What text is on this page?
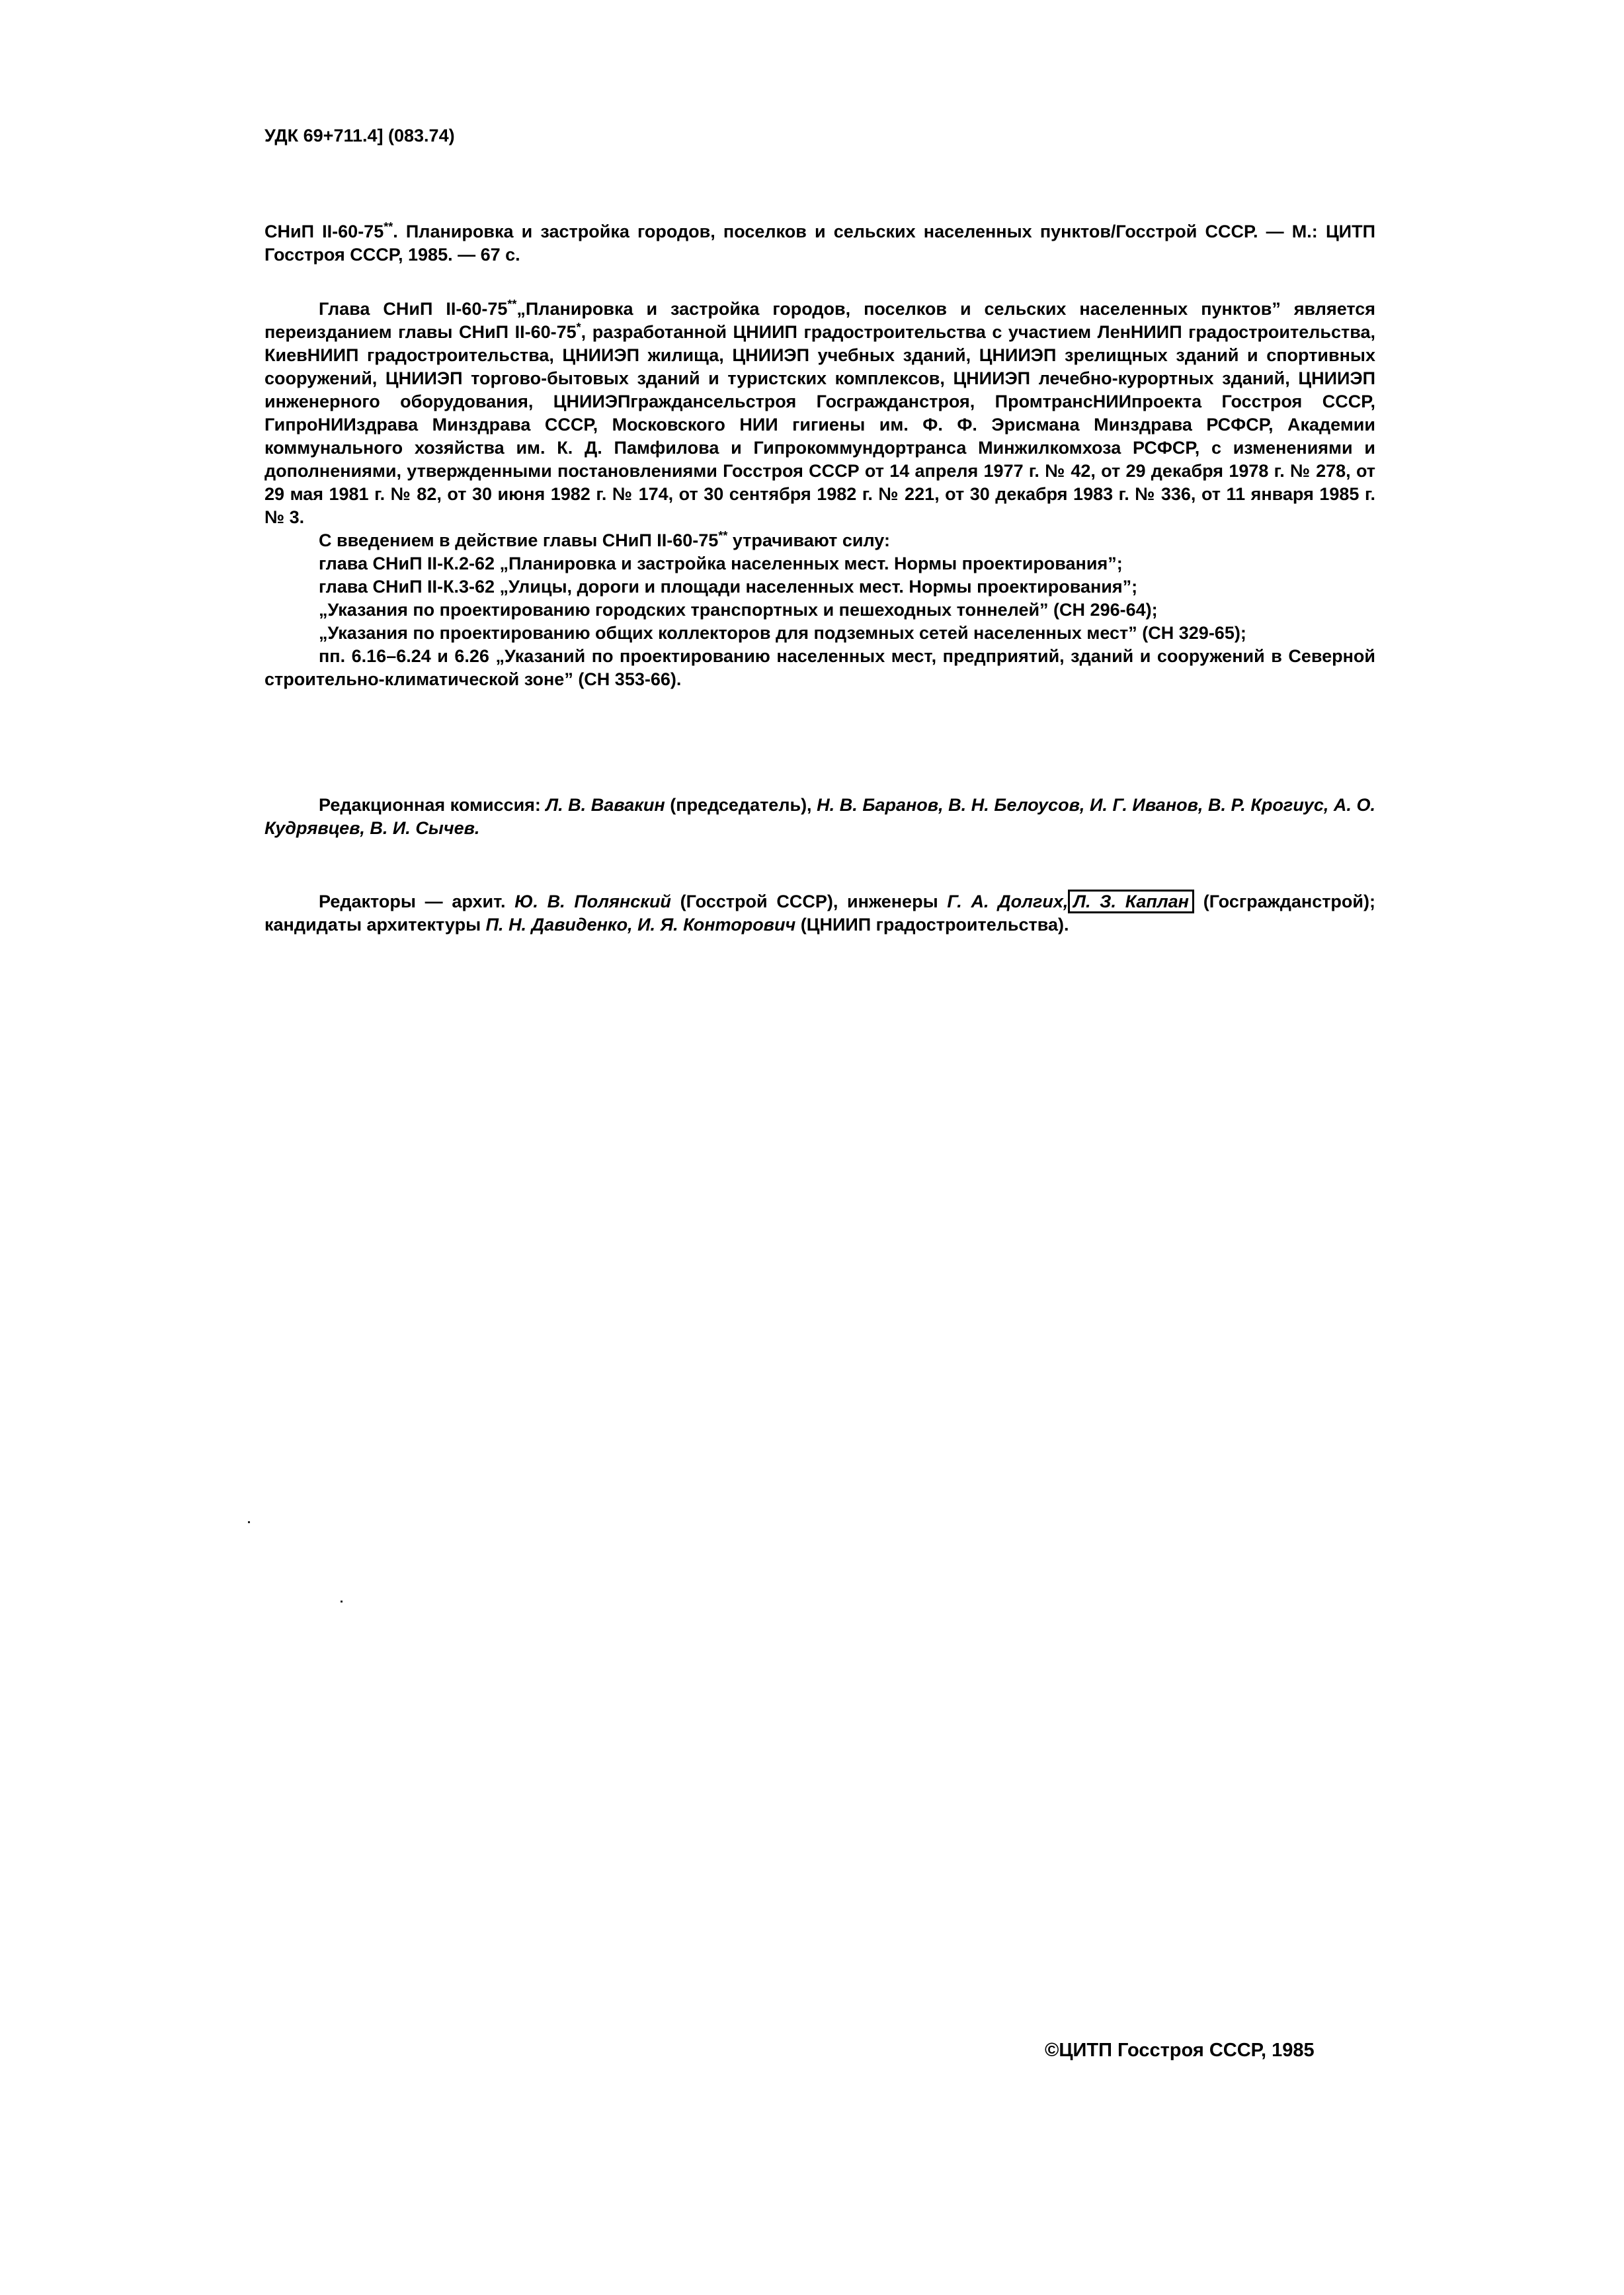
УДК 69+711.4] (083.74)
СНиП II-60-75**. Планировка и застройка городов, поселков и сельских населенных пунктов/Госстрой СССР. — М.: ЦИТП Госстроя СССР, 1985. — 67 с.

Глава СНиП II-60-75**„Планировка и застройка городов, поселков и сельских населенных пунктов” является переизданием главы СНиП II-60-75*, разработанной ЦНИИП градостроительства с участием ЛенНИИП градостроительства, КиевНИИП градостроительства, ЦНИИЭП жилища, ЦНИИЭП учебных зданий, ЦНИИЭП зрелищных зданий и спортивных сооружений, ЦНИИЭП торгово-бытовых зданий и туристских комплексов, ЦНИИЭП лечебно-курортных зданий, ЦНИИЭП инженерного оборудования, ЦНИИЭПграждансельстроя Госгражданстроя, ПромтрансНИИпроекта Госстроя СССР, ГипроНИИздрава Минздрава СССР, Московского НИИ гигиены им. Ф. Ф. Эрисмана Минздрава РСФСР, Академии коммунального хозяйства им. К. Д. Памфилова и Гипрокоммундортранса Минжилкомхоза РСФСР, с изменениями и дополнениями, утвержденными постановлениями Госстроя СССР от 14 апреля 1977 г. № 42, от 29 декабря 1978 г. № 278, от 29 мая 1981 г. № 82, от 30 июня 1982 г. № 174, от 30 сентября 1982 г. № 221, от 30 декабря 1983 г. № 336, от 11 января 1985 г. № 3.

С введением в действие главы СНиП II-60-75** утрачивают силу:

глава СНиП II-К.2-62 „Планировка и застройка населенных мест. Нормы проектирования”;

глава СНиП II-К.3-62 „Улицы, дороги и площади населенных мест. Нормы проектирования”;

„Указания по проектированию городских транспортных и пешеходных тоннелей” (СН 296-64);

„Указания по проектированию общих коллекторов для подземных сетей населенных мест” (СН 329-65);

пп. 6.16–6.24 и 6.26 „Указаний по проектированию населенных мест, предприятий, зданий и сооружений в Северной строительно-климатической зоне” (СН 353-66).

Редакционная комиссия: Л. В. Вавакин (председатель), Н. В. Баранов, В. Н. Белоусов, И. Г. Иванов, В. Р. Крогиус, А. О. Кудрявцев, В. И. Сычев.
Редакторы — архит. Ю. В. Полянский (Госстрой СССР), инженеры Г. А. Долгих, Л. З. Каплан (Госгражданстрой); кандидаты архитектуры П. Н. Давиденко, И. Я. Конторович (ЦНИИП градостроительства).
©ЦИТП Госстроя СССР, 1985
